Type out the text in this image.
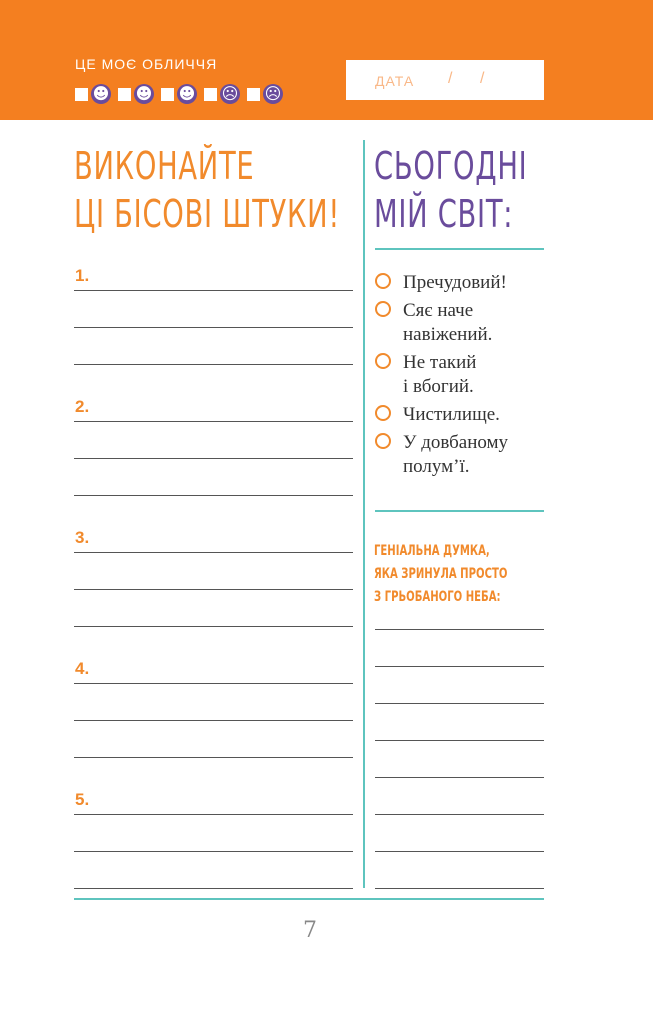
ЦЕ МОЄ ОБЛИЧЧЯ
☻ ☻ ☻ ☹ ☹
ДАТА / /
ВИКОНАЙТЕ
ЦІ БІСОВІ ШТУКИ!
СЬОГОДНІ
МІЙ СВІТ:
1.
2.
3.
4.
5.
Пречудовий!
Сяє наче
навіжений.
Не такий
і вбогий.
Чистилище.
У довбаному
полум’ї.
ГЕНІАЛЬНА ДУМКА,
ЯКА ЗРИНУЛА ПРОСТО
З ГРЬОБАНОГО НЕБА:
7
